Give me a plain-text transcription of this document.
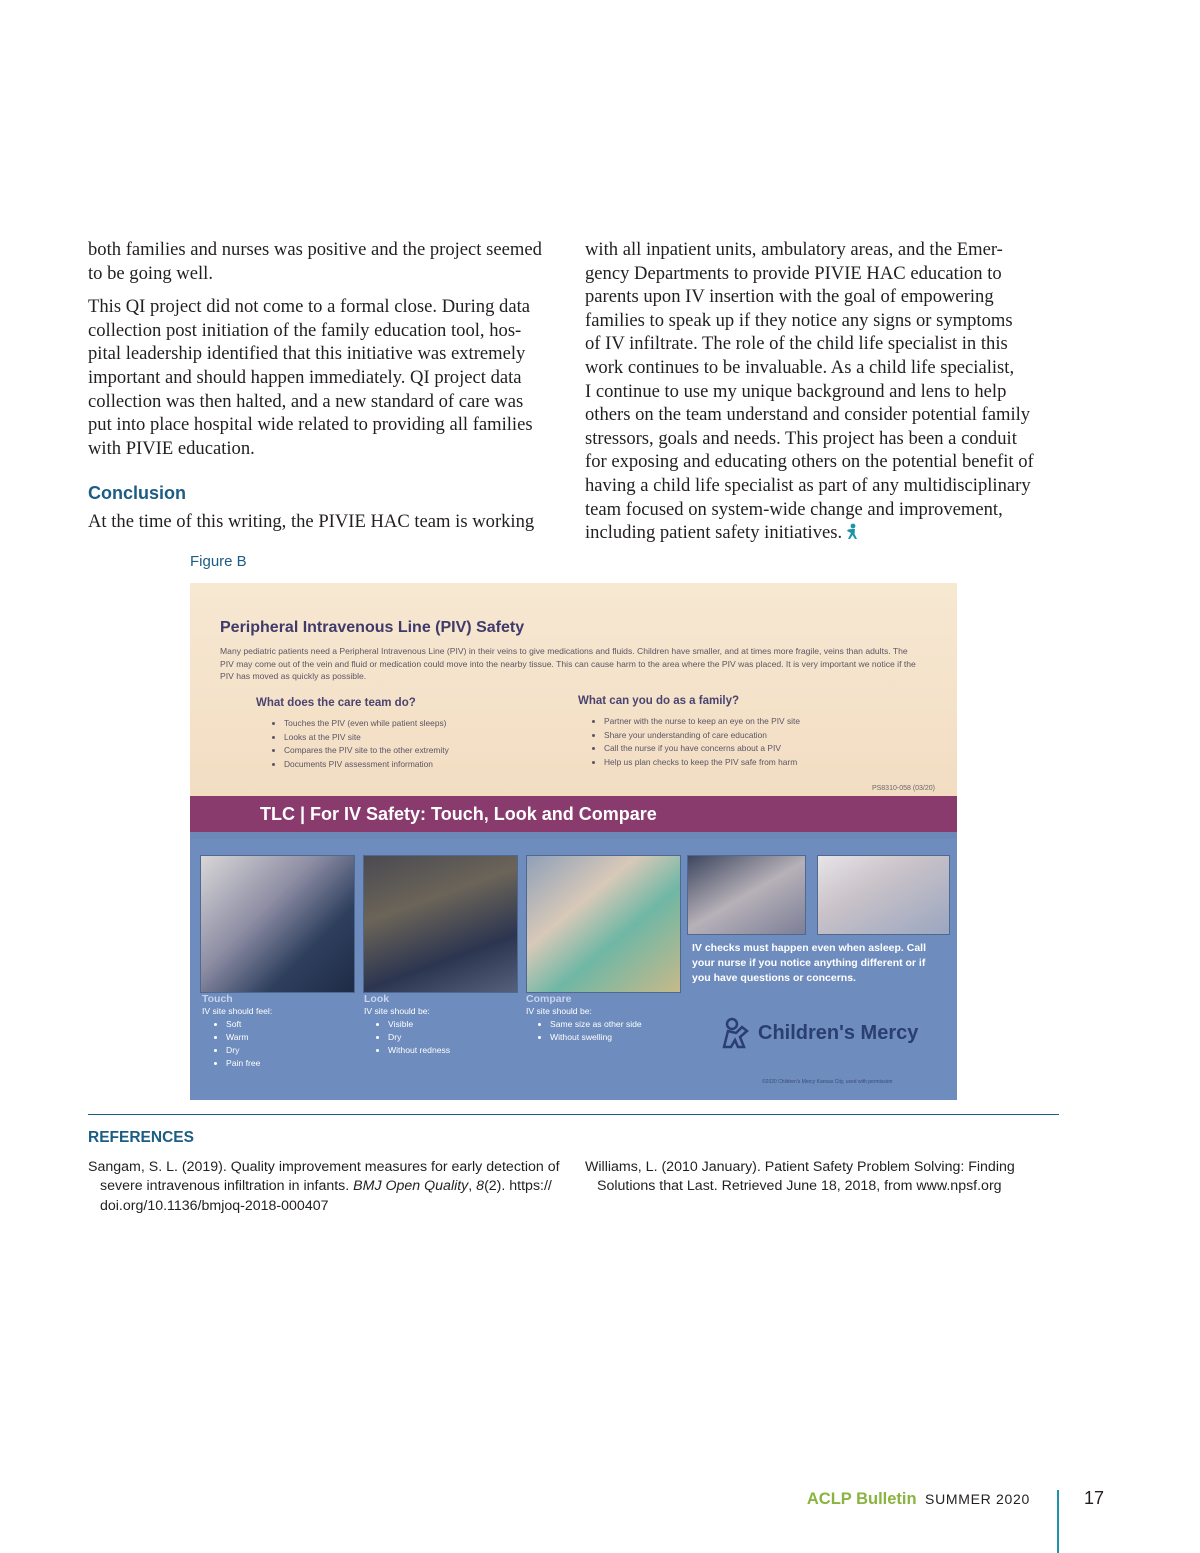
both families and nurses was positive and the project seemed
to be going well.

This QI project did not come to a formal close. During data
collection post initiation of the family education tool, hos-
pital leadership identified that this initiative was extremely
important and should happen immediately. QI project data
collection was then halted, and a new standard of care was
put into place hospital wide related to providing all families
with PIVIE education.

Conclusion

At the time of this writing, the PIVIE HAC team is working

with all inpatient units, ambulatory areas, and the Emer-
gency Departments to provide PIVIE HAC education to
parents upon IV insertion with the goal of empowering
families to speak up if they notice any signs or symptoms
of IV infiltrate. The role of the child life specialist in this
work continues to be invaluable. As a child life specialist,
I continue to use my unique background and lens to help
others on the team understand and consider potential family
stressors, goals and needs. This project has been a conduit
for exposing and educating others on the potential benefit of
having a child life specialist as part of any multidisciplinary
team focused on system-wide change and improvement,
including patient safety initiatives.

Figure B
Peripheral Intravenous Line (PIV) Safety
Many pediatric patients need a Peripheral Intravenous Line (PIV) in their veins to give medications and fluids. Children have smaller, and at times more fragile, veins than adults. The PIV may come out of the vein and fluid or medication could move into the nearby tissue. This can cause harm to the area where the PIV was placed. It is very important we notice if the PIV has moved as quickly as possible.
What does the care team do?
• Touches the PIV (even while patient sleeps)
• Looks at the PIV site
• Compares the PIV site to the other extremity
• Documents PIV assessment information
What can you do as a family?
• Partner with the nurse to keep an eye on the PIV site
• Share your understanding of care education
• Call the nurse if you have concerns about a PIV
• Help us plan checks to keep the PIV safe from harm
PS8310-058 (03/20)
TLC | For IV Safety: Touch, Look and Compare
IV checks must happen even when asleep. Call your nurse if you notice anything different or if you have questions or concerns.
Touch
IV site should feel:
• Soft
• Warm
• Dry
• Pain free
Look
IV site should be:
• Visible
• Dry
• Without redness
Compare
IV site should be:
• Same size as other side
• Without swelling	Children's Mercy
©2020 Children's Mercy Kansas City, used with permission
REFERENCES
Sangam, S. L. (2019). Quality improvement measures for early detection of
severe intravenous infiltration in infants. BMJ Open Quality, 8(2). https://
doi.org/10.1136/bmjoq-2018-000407
Williams, L. (2010 January). Patient Safety Problem Solving: Finding
Solutions that Last. Retrieved June 18, 2018, from www.npsf.org
ACLP Bulletin SUMMER 2020	17
